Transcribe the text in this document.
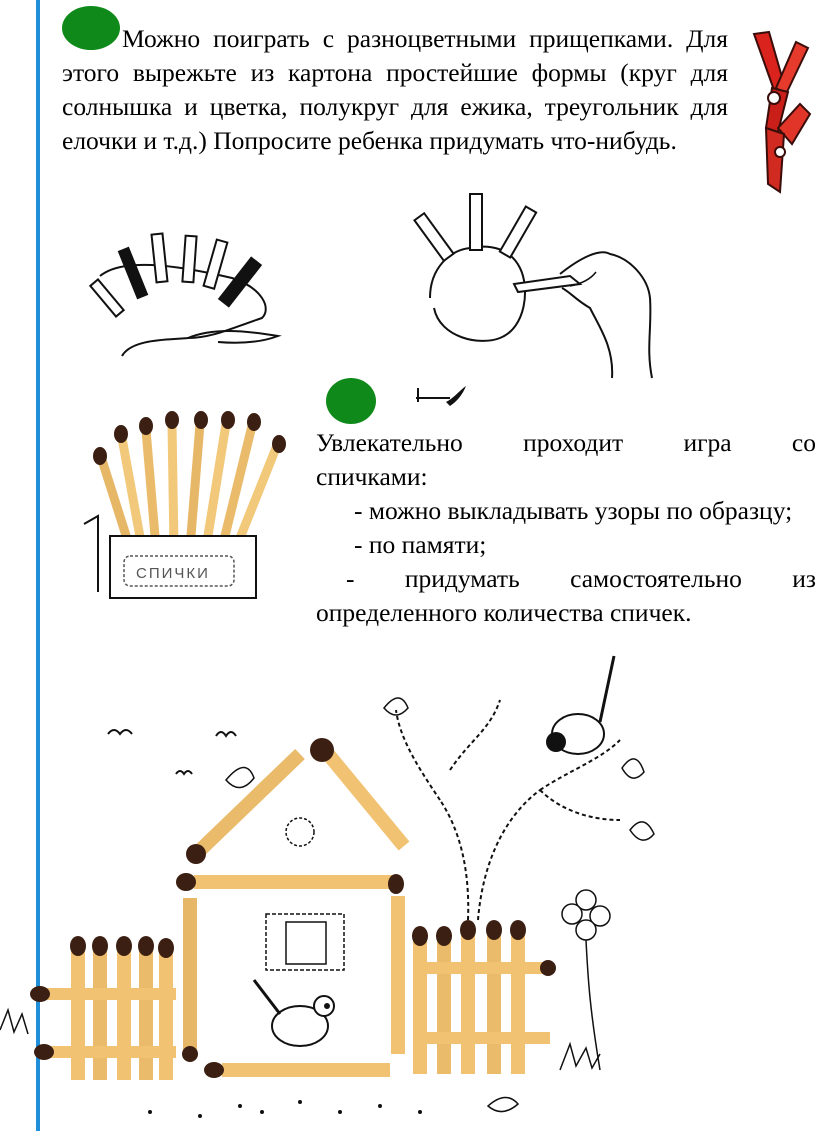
Можно поиграть с разноцветными прищепками. Для этого вырежьте из картона простейшие формы (круг для солнышка и цветка, полукруг для ежика, треугольник для елочки и т.д.) Попросите ребенка придумать что-нибудь.
СПИЧКИ
Увлекательно проходит игра со
спичками:
- можно выкладывать узоры по образцу;
- по памяти;
- придумать самостоятельно из
определенного количества спичек.
